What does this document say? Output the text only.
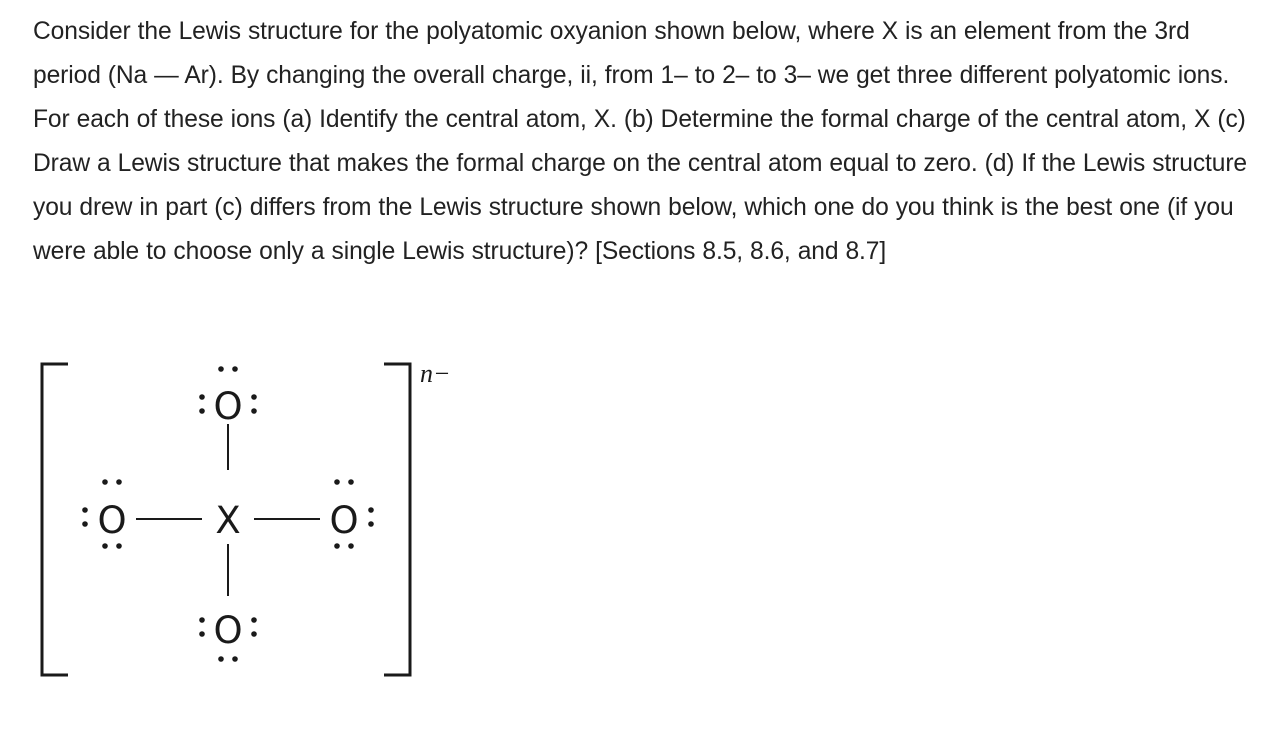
Consider the Lewis structure for the polyatomic oxyanion shown below, where X is an element from the 3rd period (Na — Ar). By changing the overall charge, ii, from 1– to 2– to 3– we get three different polyatomic ions. For each of these ions (a) Identify the central atom, X. (b) Determine the formal charge of the central atom, X (c) Draw a Lewis structure that makes the formal charge on the central atom equal to zero. (d) If the Lewis structure you drew in part (c) differs from the Lewis structure shown below, which one do you think is the best one (if you were able to choose only a single Lewis structure)? [Sections 8.5, 8.6, and 8.7]

n−
X
O
O	O
O
